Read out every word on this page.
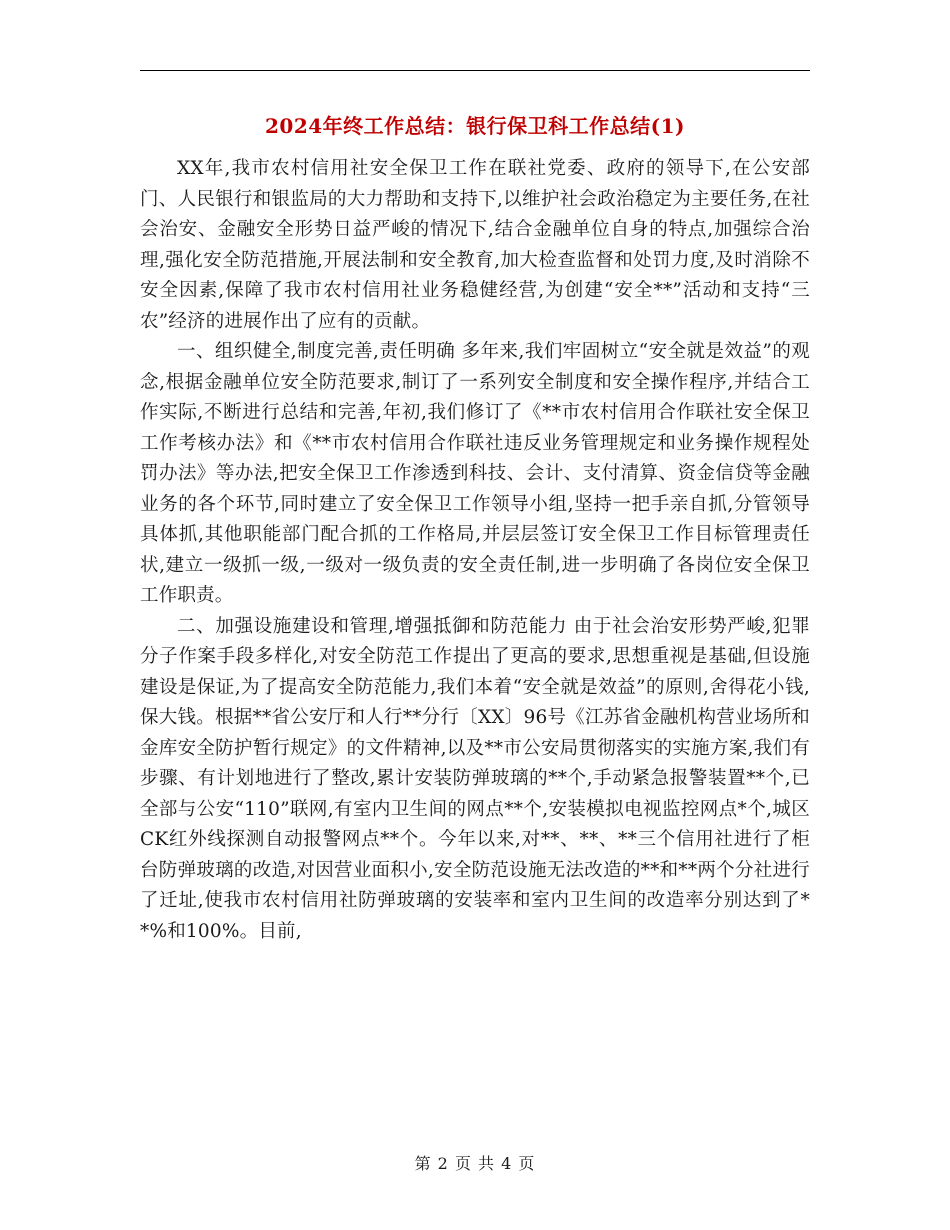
2024年终工作总结：银行保卫科工作总结(1)

XX年,我市农村信用社安全保卫工作在联社党委、政府的领导下,在公安部门、人民银行和银监局的大力帮助和支持下,以维护社会政治稳定为主要任务,在社会治安、金融安全形势日益严峻的情况下,结合金融单位自身的特点,加强综合治理,强化安全防范措施,开展法制和安全教育,加大检查监督和处罚力度,及时消除不安全因素,保障了我市农村信用社业务稳健经营,为创建“安全**”活动和支持“三农”经济的进展作出了应有的贡献。

一、组织健全,制度完善,责任明确 多年来,我们牢固树立“安全就是效益”的观念,根据金融单位安全防范要求,制订了一系列安全制度和安全操作程序,并结合工作实际,不断进行总结和完善,年初,我们修订了《**市农村信用合作联社安全保卫工作考核办法》和《**市农村信用合作联社违反业务管理规定和业务操作规程处罚办法》等办法,把安全保卫工作渗透到科技、会计、支付清算、资金信贷等金融业务的各个环节,同时建立了安全保卫工作领导小组,坚持一把手亲自抓,分管领导具体抓,其他职能部门配合抓的工作格局,并层层签订安全保卫工作目标管理责任状,建立一级抓一级,一级对一级负责的安全责任制,进一步明确了各岗位安全保卫工作职责。

二、加强设施建设和管理,增强抵御和防范能力 由于社会治安形势严峻,犯罪分子作案手段多样化,对安全防范工作提出了更高的要求,思想重视是基础,但设施建设是保证,为了提高安全防范能力,我们本着“安全就是效益”的原则,舍得花小钱,保大钱。根据**省公安厅和人行**分行〔XX〕96号《江苏省金融机构营业场所和金库安全防护暂行规定》的文件精神,以及**市公安局贯彻落实的实施方案,我们有步骤、有计划地进行了整改,累计安装防弹玻璃的**个,手动紧急报警装置**个,已全部与公安“110”联网,有室内卫生间的网点**个,安装模拟电视监控网点*个,城区CK红外线探测自动报警网点**个。今年以来,对**、**、**三个信用社进行了柜台防弹玻璃的改造,对因营业面积小,安全防范设施无法改造的**和**两个分社进行了迁址,使我市农村信用社防弹玻璃的安装率和室内卫生间的改造率分别达到了**%和100%。目前,

第 2 页 共 4 页
